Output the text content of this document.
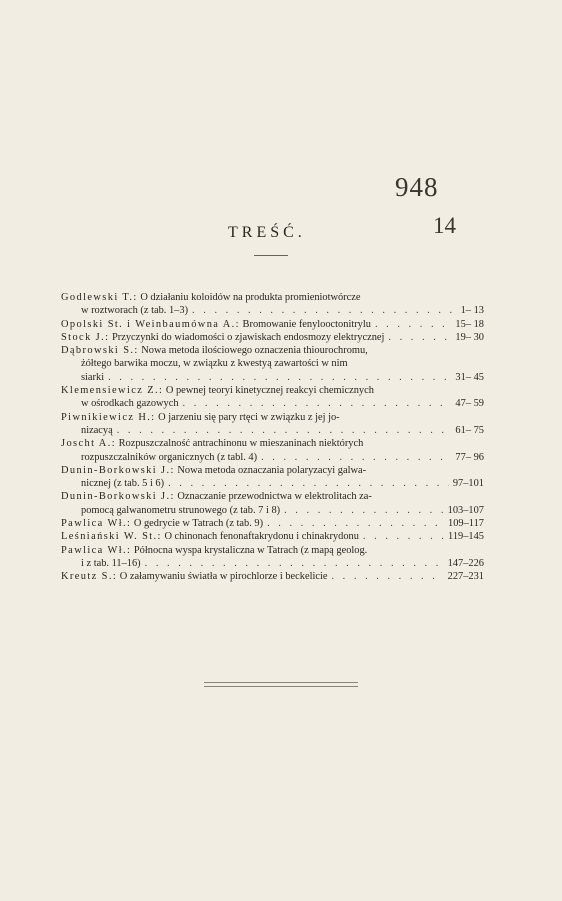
948
14
TREŚĆ.
Godlewski T.:
O działaniu koloidów na produkta promieniotwórcze
w roztworach (z tab. 1–3) . . .	1– 13
Opolski St. i Weinbaumówna A.:
Bromowanie fenylooctonitrylu . . .	15– 18
Stock J.:
Przyczynki do wiadomości o zjawiskach endosmozy elektrycznej . . .	19– 30
Dąbrowski S.:
Nowa metoda ilościowego oznaczenia thiourochromu,
żółtego barwika moczu, w związku z kwestyą zawartości w nim
siarki . . .	31– 45
Klemensiewicz Z.:
O pewnej teoryi kinetycznej reakcyi chemicznych
w ośrodkach gazowych . . .	47– 59
Piwnikiewicz H.:
O jarzeniu się pary rtęci w związku z jej jo-
nizacyą . . .	61– 75
Joscht A.:
Rozpuszczalność antrachinonu w mieszaninach niektórych
rozpuszczalników organicznych (z tabl. 4) . . .	77– 96
Dunin-Borkowski J.:
Nowa metoda oznaczania polaryzacyi galwa-
nicznej (z tab. 5 i 6) . . .	97–101
Dunin-Borkowski J.:
Oznaczanie przewodnictwa w elektrolitach za-
pomocą galwanometru strunowego (z tab. 7 i 8) . . .	103–107
Pawlica Wł.:
O gedrycie w Tatrach (z tab. 9) . . .	109–117
Leśniański W. St.:
O chinonach fenonaftakrydonu i chinakrydonu . . .	119–145
Pawlica Wł.:
Północna wyspa krystaliczna w Tatrach (z mapą geolog.
i z tab. 11–16) . . .	147–226
Kreutz S.:
O załamywaniu światła w pirochlorze i beckelicie . . .	227–231
